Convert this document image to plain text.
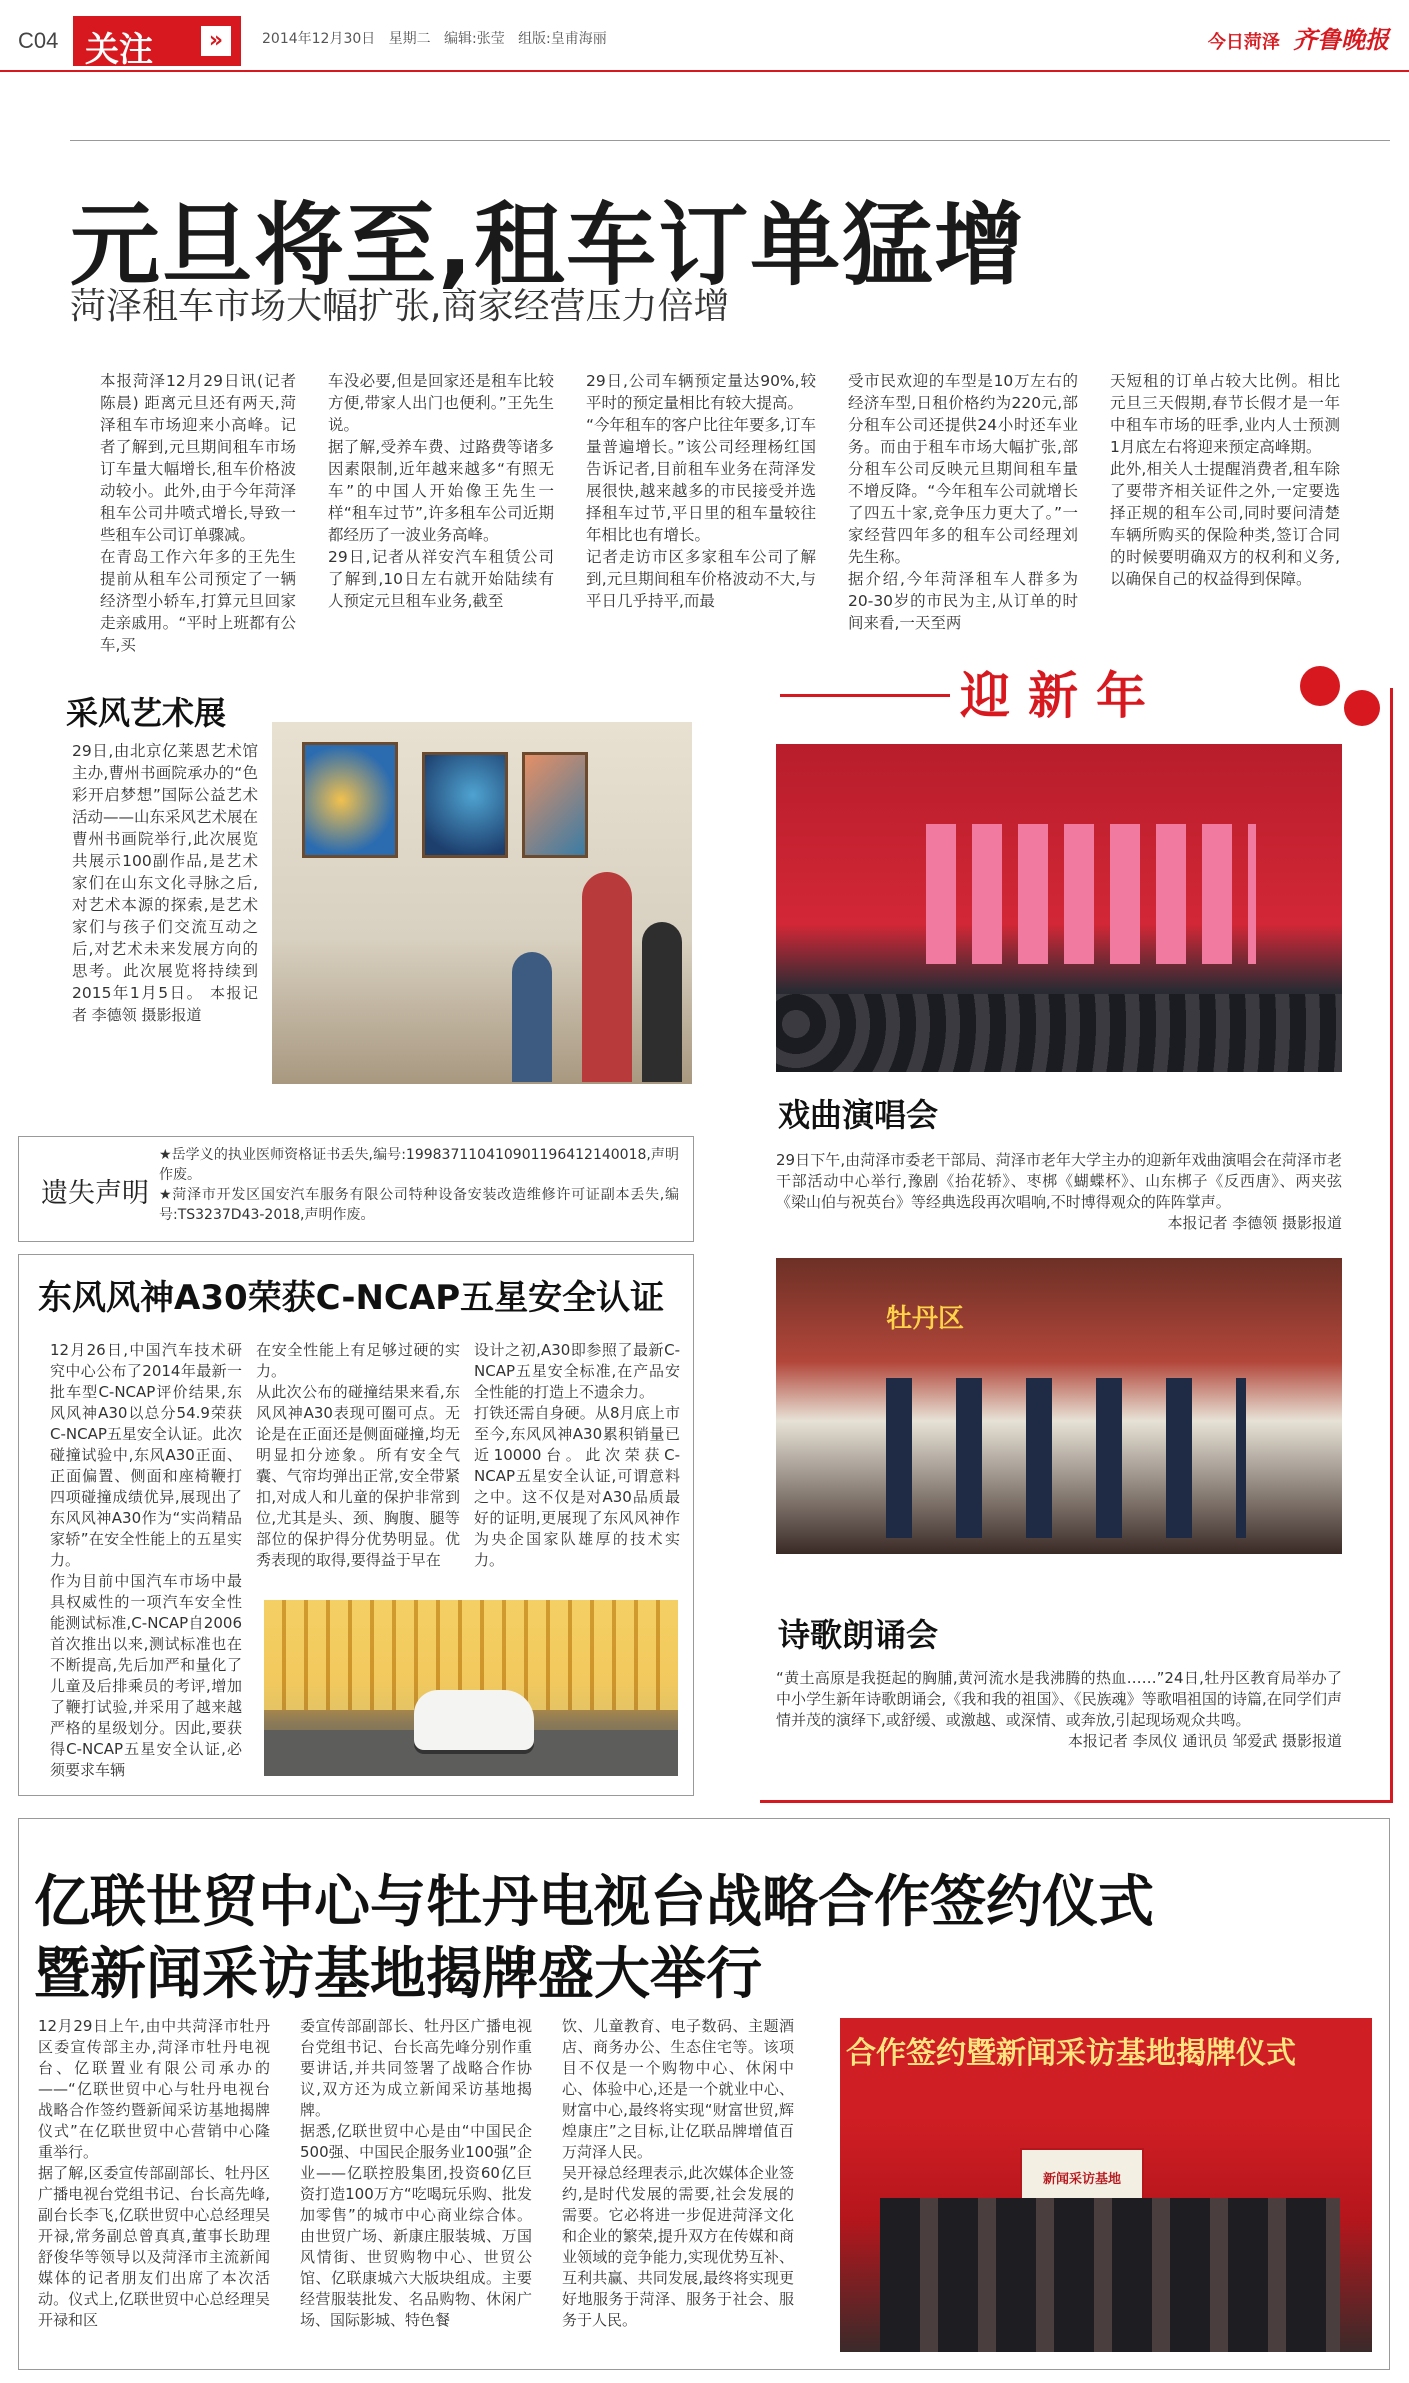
C04 关注	»	2014年12月30日 星期二 编辑:张莹 组版:皇甫海丽	今日菏泽 齐鲁晚报
元旦将至,租车订单猛增
菏泽租车市场大幅扩张,商家经营压力倍增
本报菏泽12月29日讯(记者 陈晨) 距离元旦还有两天,菏泽租车市场迎来小高峰。记者了解到,元旦期间租车市场订车量大幅增长,租车价格波动较小。此外,由于今年菏泽租车公司井喷式增长,导致一些租车公司订单骤减。
在青岛工作六年多的王先生提前从租车公司预定了一辆经济型小轿车,打算元旦回家走亲戚用。“平时上班都有公车,买
车没必要,但是回家还是租车比较方便,带家人出门也便利。”王先生说。
据了解,受养车费、过路费等诸多因素限制,近年越来越多“有照无车”的中国人开始像王先生一样“租车过节”,许多租车公司近期都经历了一波业务高峰。
29日,记者从祥安汽车租赁公司了解到,10日左右就开始陆续有人预定元旦租车业务,截至
29日,公司车辆预定量达90%,较平时的预定量相比有较大提高。
“今年租车的客户比往年要多,订车量普遍增长。”该公司经理杨红国告诉记者,目前租车业务在菏泽发展很快,越来越多的市民接受并选择租车过节,平日里的租车量较往年相比也有增长。
记者走访市区多家租车公司了解到,元旦期间租车价格波动不大,与平日几乎持平,而最
受市民欢迎的车型是10万左右的经济车型,日租价格约为220元,部分租车公司还提供24小时还车业务。而由于租车市场大幅扩张,部分租车公司反映元旦期间租车量不增反降。“今年租车公司就增长了四五十家,竞争压力更大了。”一家经营四年多的租车公司经理刘先生称。
据介绍,今年菏泽租车人群多为20-30岁的市民为主,从订单的时间来看,一天至两
天短租的订单占较大比例。相比元旦三天假期,春节长假才是一年中租车市场的旺季,业内人士预测1月底左右将迎来预定高峰期。
此外,相关人士提醒消费者,租车除了要带齐相关证件之外,一定要选择正规的租车公司,同时要问清楚车辆所购买的保险种类,签订合同的时候要明确双方的权利和义务,以确保自己的权益得到保障。
采风艺术展
29日,由北京亿莱恩艺术馆主办,曹州书画院承办的“色彩开启梦想”国际公益艺术活动——山东采风艺术展在曹州书画院举行,此次展览共展示100副作品,是艺术家们在山东文化寻脉之后,对艺术本源的探索,是艺术家们与孩子们交流互动之后,对艺术未来发展方向的思考。此次展览将持续到2015年1月5日。 本报记者 李德领 摄影报道
遗失声明
★岳学义的执业医师资格证书丢失,编号:199837110410901196412140018,声明作废。
★菏泽市开发区国安汽车服务有限公司特种设备安装改造维修许可证副本丢失,编号:TS3237D43-2018,声明作废。
东风风神A30荣获C-NCAP五星安全认证
12月26日,中国汽车技术研究中心公布了2014年最新一批车型C-NCAP评价结果,东风风神A30以总分54.9荣获C-NCAP五星安全认证。此次碰撞试验中,东风A30正面、正面偏置、侧面和座椅鞭打四项碰撞成绩优异,展现出了东风风神A30作为“实尚精品家轿”在安全性能上的五星实力。
作为目前中国汽车市场中最具权威性的一项汽车安全性能测试标准,C-NCAP自2006首次推出以来,测试标准也在不断提高,先后加严和量化了儿童及后排乘员的考评,增加了鞭打试验,并采用了越来越严格的星级划分。因此,要获得C-NCAP五星安全认证,必须要求车辆
在安全性能上有足够过硬的实力。
从此次公布的碰撞结果来看,东风风神A30表现可圈可点。无论是在正面还是侧面碰撞,均无明显扣分迹象。所有安全气囊、气帘均弹出正常,安全带紧扣,对成人和儿童的保护非常到位,尤其是头、颈、胸腹、腿等部位的保护得分优势明显。优秀表现的取得,要得益于早在
设计之初,A30即参照了最新C-NCAP五星安全标准,在产品安全性能的打造上不遗余力。
打铁还需自身硬。从8月底上市至今,东风风神A30累积销量已近10000台。此次荣获C-NCAP五星安全认证,可谓意料之中。这不仅是对A30品质最好的证明,更展现了东风风神作为央企国家队雄厚的技术实力。
迎新年
戏曲演唱会
29日下午,由菏泽市委老干部局、菏泽市老年大学主办的迎新年戏曲演唱会在菏泽市老干部活动中心举行,豫剧《抬花轿》、枣梆《蝴蝶杯》、山东梆子《反西唐》、两夹弦《梁山伯与祝英台》等经典选段再次唱响,不时博得观众的阵阵掌声。
本报记者 李德领 摄影报道
牡丹区
诗歌朗诵会
“黄土高原是我挺起的胸脯,黄河流水是我沸腾的热血……”24日,牡丹区教育局举办了中小学生新年诗歌朗诵会,《我和我的祖国》、《民族魂》等歌唱祖国的诗篇,在同学们声情并茂的演绎下,或舒缓、或激越、或深情、或奔放,引起现场观众共鸣。
本报记者 李凤仪 通讯员 邹爱武 摄影报道
亿联世贸中心与牡丹电视台战略合作签约仪式
暨新闻采访基地揭牌盛大举行
12月29日上午,由中共菏泽市牡丹区委宣传部主办,菏泽市牡丹电视台、亿联置业有限公司承办的——“亿联世贸中心与牡丹电视台战略合作签约暨新闻采访基地揭牌仪式”在亿联世贸中心营销中心隆重举行。
据了解,区委宣传部副部长、牡丹区广播电视台党组书记、台长高先峰,副台长李飞,亿联世贸中心总经理吴开禄,常务副总曾真真,董事长助理舒俊华等领导以及菏泽市主流新闻媒体的记者朋友们出席了本次活动。仪式上,亿联世贸中心总经理吴开禄和区
委宣传部副部长、牡丹区广播电视台党组书记、台长高先峰分别作重要讲话,并共同签署了战略合作协议,双方还为成立新闻采访基地揭牌。
据悉,亿联世贸中心是由“中国民企500强、中国民企服务业100强”企业——亿联控股集团,投资60亿巨资打造100万方“吃喝玩乐购、批发加零售”的城市中心商业综合体。由世贸广场、新康庄服装城、万国风情街、世贸购物中心、世贸公馆、亿联康城六大版块组成。主要经营服装批发、名品购物、休闲广场、国际影城、特色餐
饮、儿童教育、电子数码、主题酒店、商务办公、生态住宅等。该项目不仅是一个购物中心、休闲中心、体验中心,还是一个就业中心、财富中心,最终将实现“财富世贸,辉煌康庄”之目标,让亿联品牌增值百万菏泽人民。
吴开禄总经理表示,此次媒体企业签约,是时代发展的需要,社会发展的需要。它必将进一步促进菏泽文化和企业的繁荣,提升双方在传媒和商业领域的竞争能力,实现优势互补、互利共赢、共同发展,最终将实现更好地服务于菏泽、服务于社会、服务于人民。
合作签约暨新闻采访基地揭牌仪式
新闻采访基地
